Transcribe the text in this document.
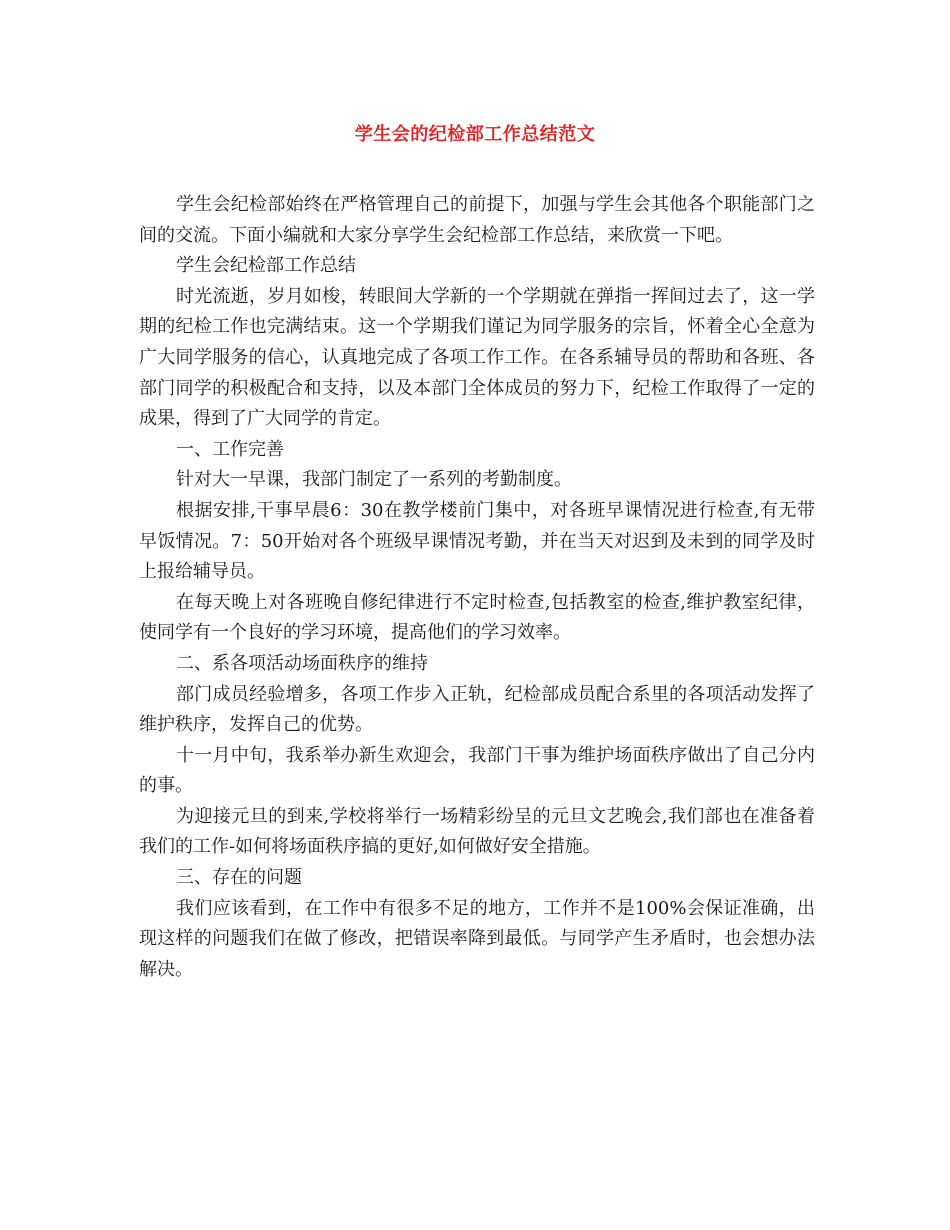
学生会的纪检部工作总结范文

学生会纪检部始终在严格管理自己的前提下，加强与学生会其他各个职能部门之间的交流。下面小编就和大家分享学生会纪检部工作总结，来欣赏一下吧。

学生会纪检部工作总结

时光流逝，岁月如梭，转眼间大学新的一个学期就在弹指一挥间过去了，这一学期的纪检工作也完满结束。这一个学期我们谨记为同学服务的宗旨，怀着全心全意为广大同学服务的信心，认真地完成了各项工作工作。在各系辅导员的帮助和各班、各部门同学的积极配合和支持，以及本部门全体成员的努力下，纪检工作取得了一定的成果，得到了广大同学的肯定。

一、工作完善

针对大一早课，我部门制定了一系列的考勤制度。

根据安排,干事早晨6：30在教学楼前门集中，对各班早课情况进行检查,有无带早饭情况。7：50开始对各个班级早课情况考勤，并在当天对迟到及未到的同学及时上报给辅导员。

在每天晚上对各班晚自修纪律进行不定时检查,包括教室的检查,维护教室纪律，使同学有一个良好的学习环境，提高他们的学习效率。

二、系各项活动场面秩序的维持

部门成员经验增多，各项工作步入正轨，纪检部成员配合系里的各项活动发挥了维护秩序，发挥自己的优势。

十一月中旬，我系举办新生欢迎会，我部门干事为维护场面秩序做出了自己分内的事。

为迎接元旦的到来,学校将举行一场精彩纷呈的元旦文艺晚会,我们部也在准备着我们的工作-如何将场面秩序搞的更好,如何做好安全措施。

三、存在的问题

我们应该看到，在工作中有很多不足的地方，工作并不是100%会保证准确，出现这样的问题我们在做了修改，把错误率降到最低。与同学产生矛盾时，也会想办法解决。
